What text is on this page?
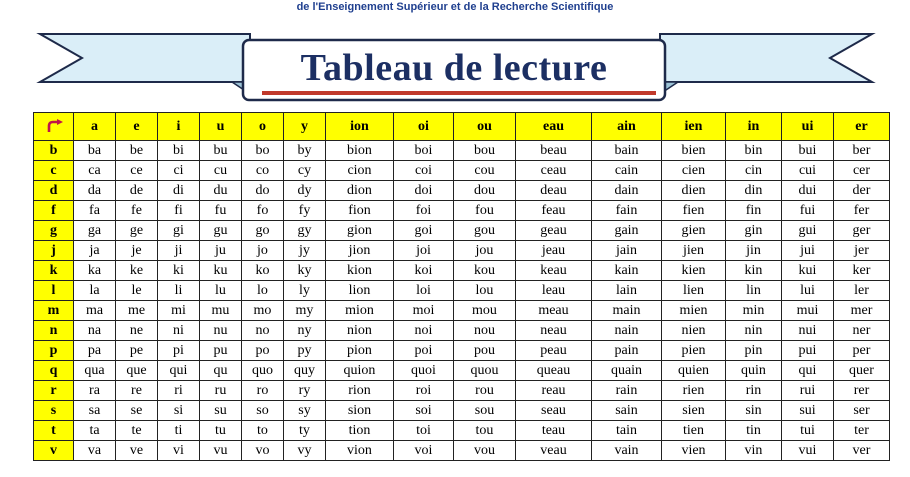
de l'Enseignement Supérieur et de la Recherche Scientifique
Tableau de lecture
	a	e	i	u	o	y	ion	oi	ou	eau	ain	ien	in	ui	er
b	ba	be	bi	bu	bo	by	bion	boi	bou	beau	bain	bien	bin	bui	ber
c	ca	ce	ci	cu	co	cy	cion	coi	cou	ceau	cain	cien	cin	cui	cer
d	da	de	di	du	do	dy	dion	doi	dou	deau	dain	dien	din	dui	der
f	fa	fe	fi	fu	fo	fy	fion	foi	fou	feau	fain	fien	fin	fui	fer
g	ga	ge	gi	gu	go	gy	gion	goi	gou	geau	gain	gien	gin	gui	ger
j	ja	je	ji	ju	jo	jy	jion	joi	jou	jeau	jain	jien	jin	jui	jer
k	ka	ke	ki	ku	ko	ky	kion	koi	kou	keau	kain	kien	kin	kui	ker
l	la	le	li	lu	lo	ly	lion	loi	lou	leau	lain	lien	lin	lui	ler
m	ma	me	mi	mu	mo	my	mion	moi	mou	meau	main	mien	min	mui	mer
n	na	ne	ni	nu	no	ny	nion	noi	nou	neau	nain	nien	nin	nui	ner
p	pa	pe	pi	pu	po	py	pion	poi	pou	peau	pain	pien	pin	pui	per
q	qua	que	qui	qu	quo	quy	quion	quoi	quou	queau	quain	quien	quin	qui	quer
r	ra	re	ri	ru	ro	ry	rion	roi	rou	reau	rain	rien	rin	rui	rer
s	sa	se	si	su	so	sy	sion	soi	sou	seau	sain	sien	sin	sui	ser
t	ta	te	ti	tu	to	ty	tion	toi	tou	teau	tain	tien	tin	tui	ter
v	va	ve	vi	vu	vo	vy	vion	voi	vou	veau	vain	vien	vin	vui	ver
